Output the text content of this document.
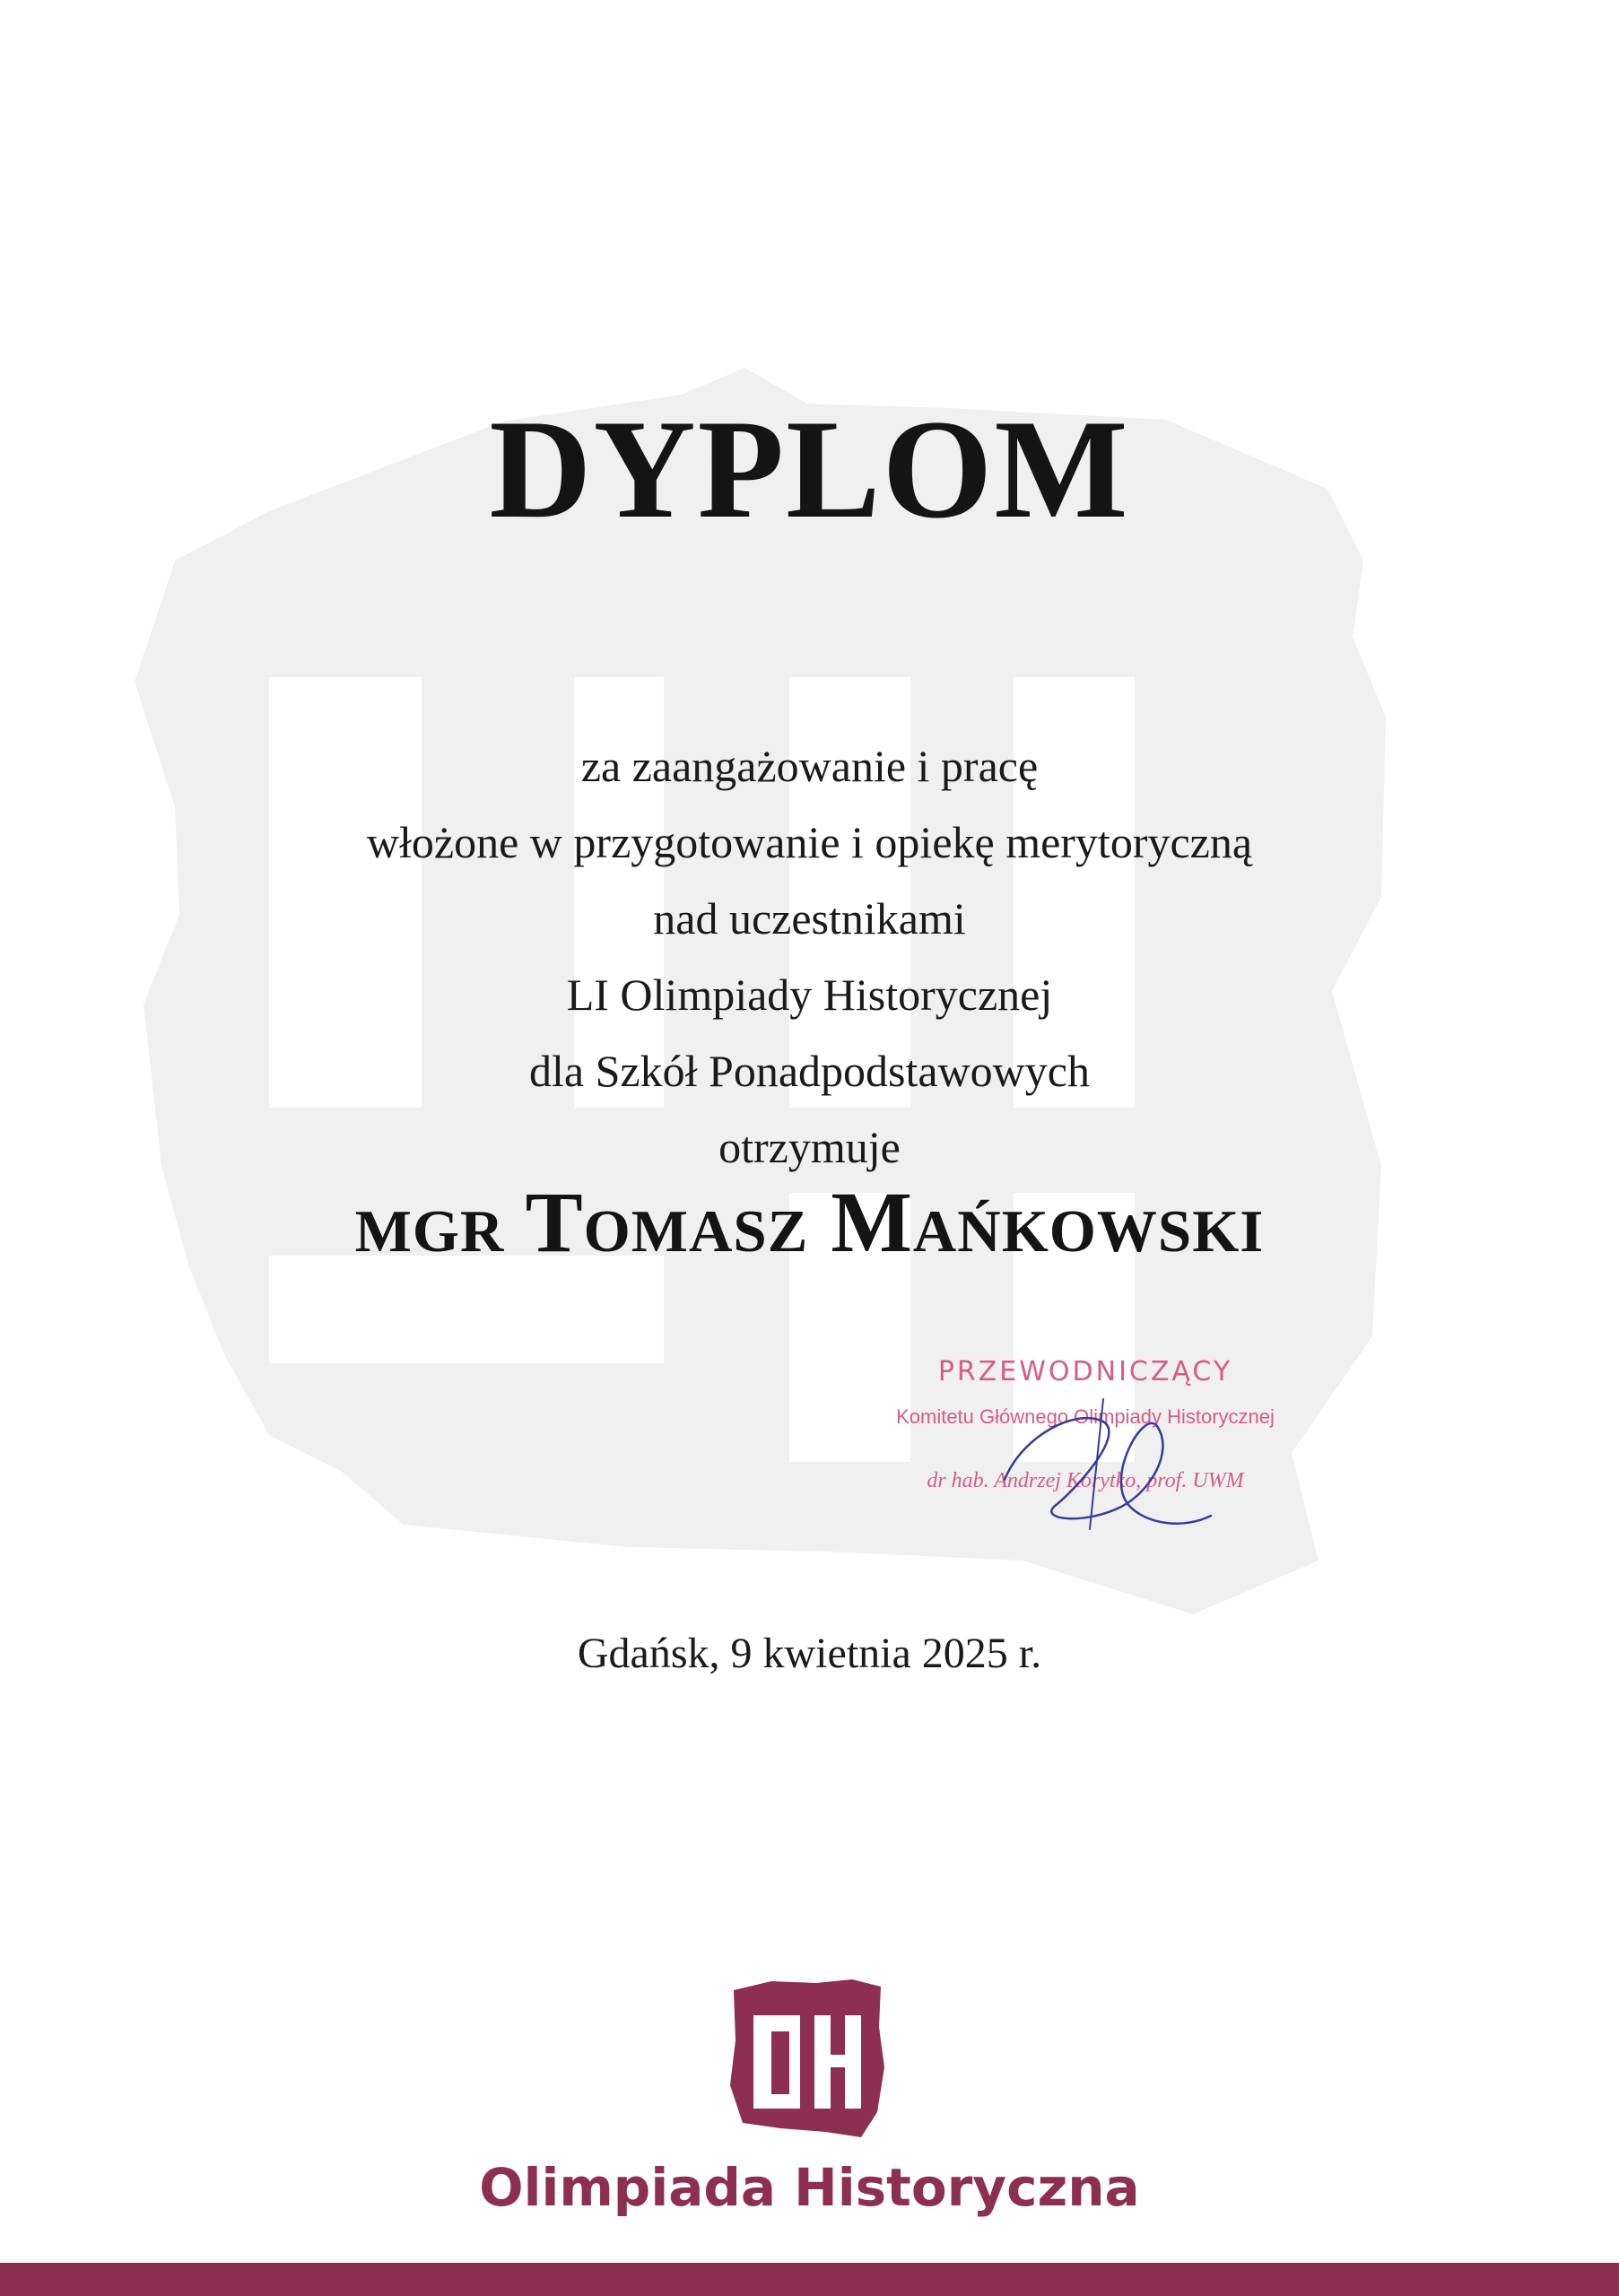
DYPLOM
za zaangażowanie i pracę
włożone w przygotowanie i opiekę merytoryczną
nad uczestnikami
LI Olimpiady Historycznej
dla Szkół Ponadpodstawowych
otrzymuje
mgr Tomasz Mańkowski
PRZEWODNICZĄCY
Komitetu Głównego Olimpiady Historycznej
dr hab. Andrzej Korytko, prof. UWM
Gdańsk, 9 kwietnia 2025 r.
Olimpiada Historyczna
